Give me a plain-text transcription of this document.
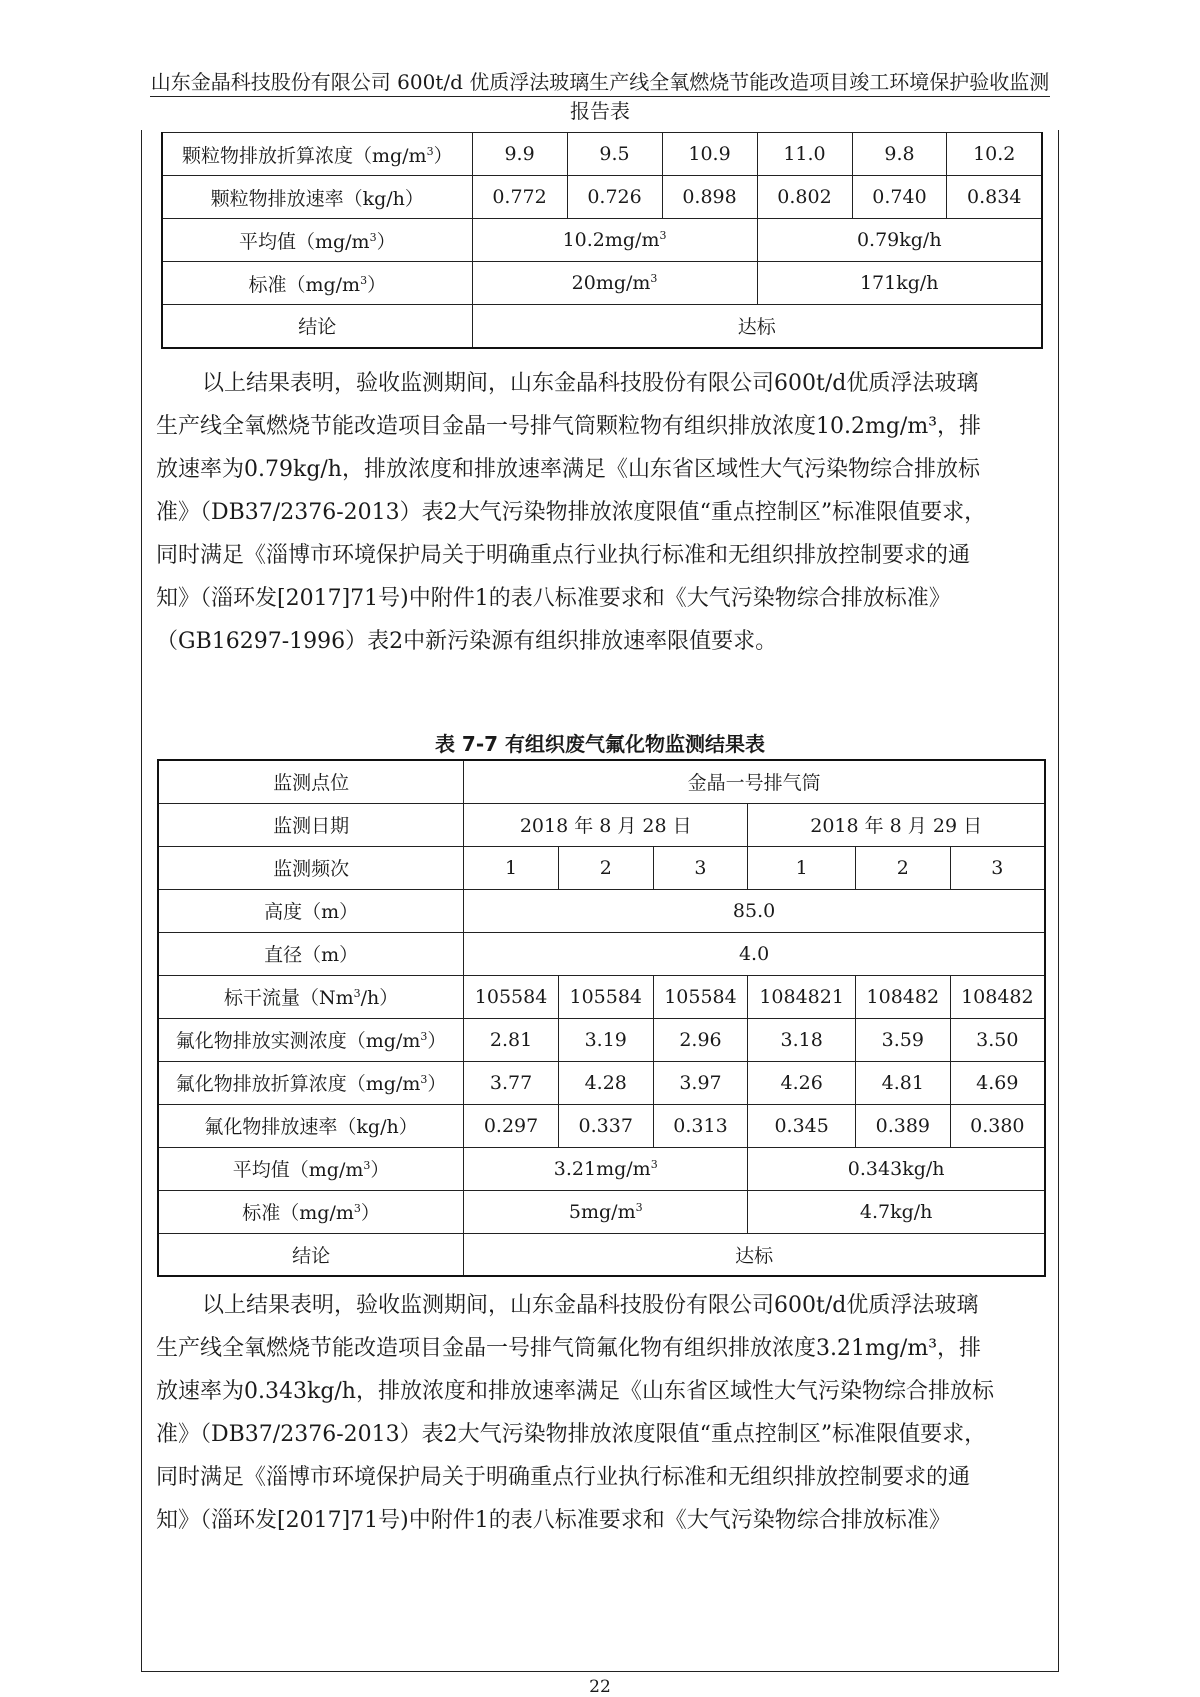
山东金晶科技股份有限公司 600t/d 优质浮法玻璃生产线全氧燃烧节能改造项目竣工环境保护验收监测报告表
颗粒物排放折算浓度$(mg/m^3)$	9.9	9.5	10.9	11.0	9.8	10.2
颗粒物排放速率（kg/h）	0.772	0.726	0.898	0.802	0.740	0.834
平均值$(mg/m^3)$	$10.2mg/m^3$			0.79kg/h		
标准$(mg/m^3)$	$20mg/m^3$			171kg/h		
结论	达标					

以上结果表明，验收监测期间，山东金晶科技股份有限公司600t/d优质浮法玻璃

生产线全氧燃烧节能改造项目金晶一号排气筒颗粒物有组织排放浓度10.2mg/m³，排

放速率为0.79kg/h，排放浓度和排放速率满足《山东省区域性大气污染物综合排放标

准》（DB37/2376-2013）表2大气污染物排放浓度限值“重点控制区”标准限值要求，

同时满足《淄博市环境保护局关于明确重点行业执行标准和无组织排放控制要求的通

知》（淄环发[2017]71号)中附件1的表八标准要求和《大气污染物综合排放标准》

（GB16297-1996）表2中新污染源有组织排放速率限值要求。

表 7-7 有组织废气氟化物监测结果表
监测点位	金晶一号排气筒					
监测日期	2018 年 8 月 28 日			2018 年 8 月 29 日		
监测频次	1	2	3	1	2	3
高度（m）	85.0					
直径（m）	4.0					
标干流量（Nm$^3$/h）	105584	105584	105584	1084821	108482	108482
氟化物排放实测浓度$(mg/m^3)$	2.81	3.19	2.96	3.18	3.59	3.50
氟化物排放折算浓度$(mg/m^3)$	3.77	4.28	3.97	4.26	4.81	4.69
氟化物排放速率（kg/h）	0.297	0.337	0.313	0.345	0.389	0.380
平均值$(mg/m^3)$	$3.21mg/m^3$			0.343kg/h		
标准$(mg/m^3)$	$5mg/m^3$			4.7kg/h		
结论	达标					

以上结果表明，验收监测期间，山东金晶科技股份有限公司600t/d优质浮法玻璃

生产线全氧燃烧节能改造项目金晶一号排气筒氟化物有组织排放浓度3.21mg/m³，排

放速率为0.343kg/h，排放浓度和排放速率满足《山东省区域性大气污染物综合排放标

准》（DB37/2376-2013）表2大气污染物排放浓度限值“重点控制区”标准限值要求，

同时满足《淄博市环境保护局关于明确重点行业执行标准和无组织排放控制要求的通

知》（淄环发[2017]71号)中附件1的表八标准要求和《大气污染物综合排放标准》

22
